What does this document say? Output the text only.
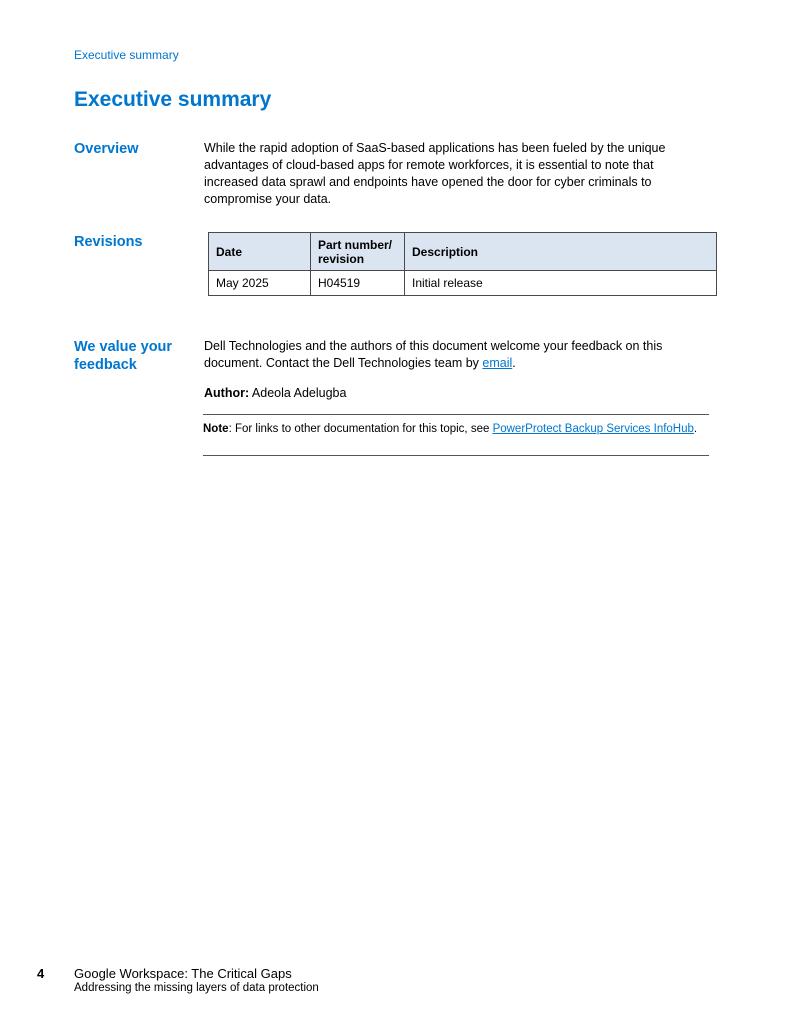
Executive summary
Executive summary
Overview	While the rapid adoption of SaaS-based applications has been fueled by the unique advantages of cloud-based apps for remote workforces, it is essential to note that increased data sprawl and endpoints have opened the door for cyber criminals to compromise your data.

Revisions
Date	Part number/ revision	Description
May 2025	H04519	Initial release
We value your feedback

Dell Technologies and the authors of this document welcome your feedback on this document. Contact the Dell Technologies team by email.

Author: Adeola Adelugba

Note: For links to other documentation for this topic, see PowerProtect Backup Services InfoHub.
4 Google Workspace: The Critical Gaps
Addressing the missing layers of data protection
